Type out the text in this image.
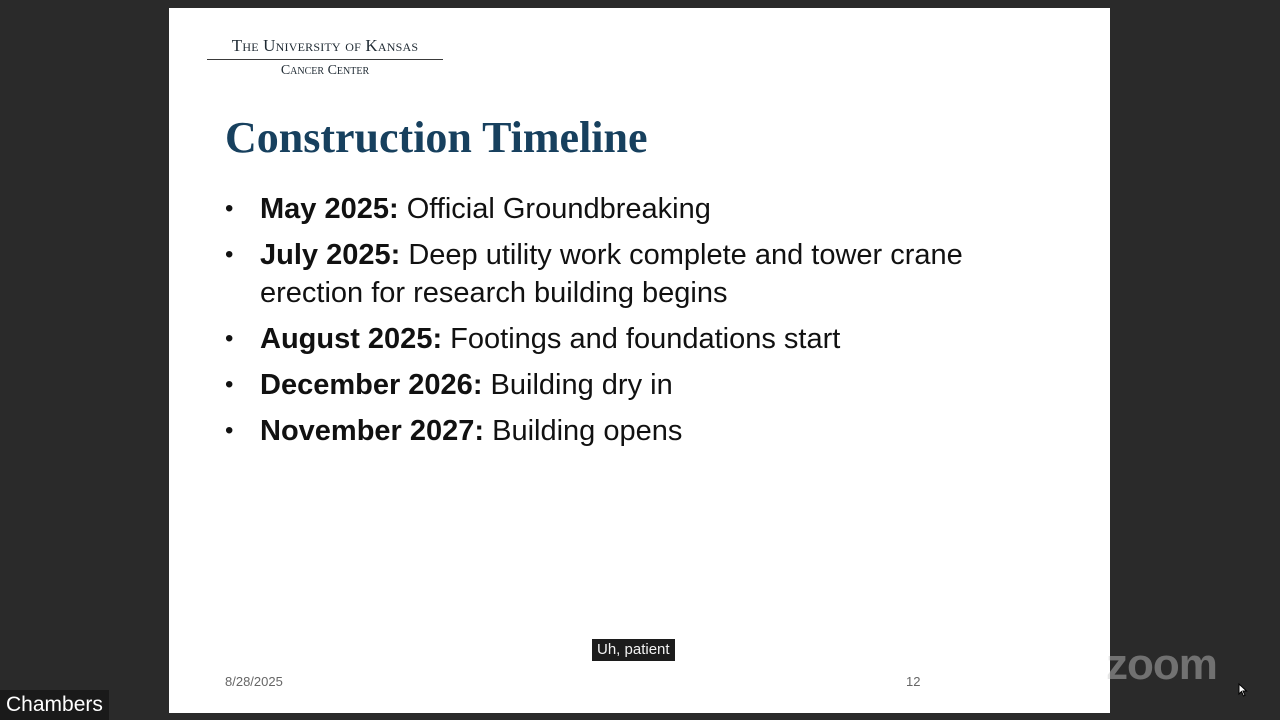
The University of Kansas
Cancer Center
Construction Timeline
• May 2025: Official Groundbreaking
• July 2025: Deep utility work complete and tower crane erection for research building begins
• August 2025: Footings and foundations start
• December 2026: Building dry in
• November 2027: Building opens
8/28/2025	12
Uh, patient	zoom
Chambers
